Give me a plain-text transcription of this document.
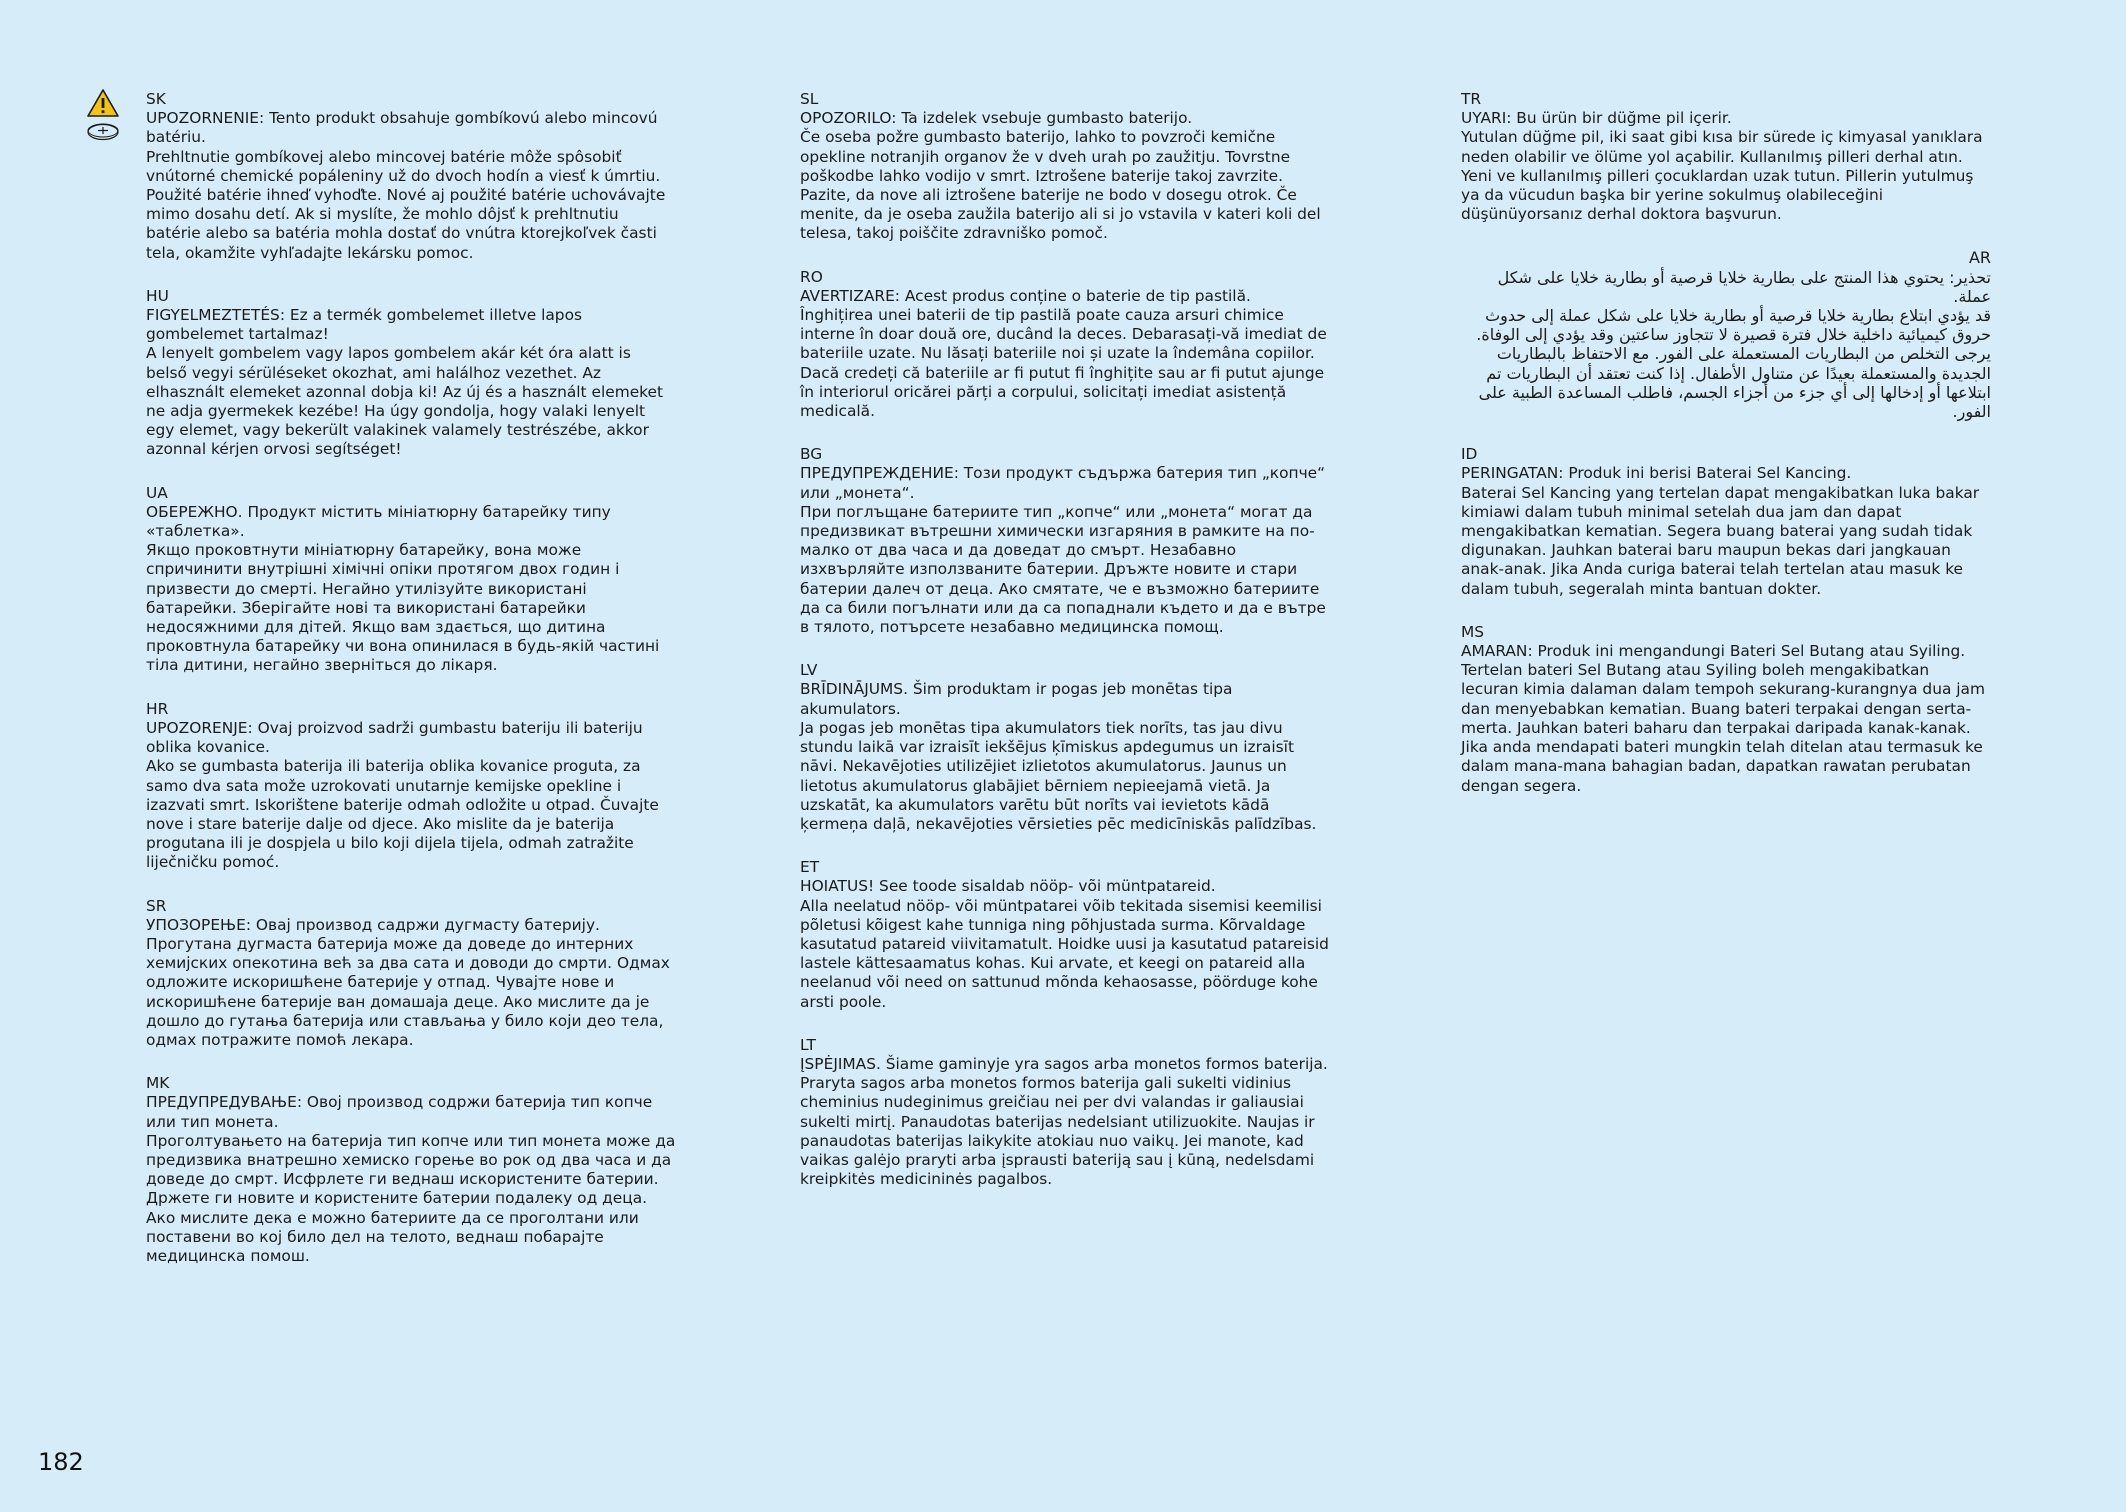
SK
UPOZORNENIE: Tento produkt obsahuje gombíkovú alebo mincovú batériu.
Prehltnutie gombíkovej alebo mincovej batérie môže spôsobiť vnútorné chemické popáleniny už do dvoch hodín a viesť k úmrtiu. Použité batérie ihneď vyhoďte. Nové aj použité batérie uchovávajte mimo dosahu detí. Ak si myslíte, že mohlo dôjsť k prehltnutiu batérie alebo sa batéria mohla dostať do vnútra ktorejkoľvek časti tela, okamžite vyhľadajte lekársku pomoc.
HU
FIGYELMEZTETÉS: Ez a termék gombelemet illetve lapos gombelemet tartalmaz!
A lenyelt gombelem vagy lapos gombelem akár két óra alatt is belső vegyi sérüléseket okozhat, ami halálhoz vezethet. Az elhasznált elemeket azonnal dobja ki! Az új és a használt elemeket ne adja gyermekek kezébe! Ha úgy gondolja, hogy valaki lenyelt egy elemet, vagy bekerült valakinek valamely testrészébe, akkor azonnal kérjen orvosi segítséget!
UA
ОБЕРЕЖНО. Продукт містить мініатюрну батарейку типу «таблетка».
Якщо проковтнути мініатюрну батарейку, вона може спричинити внутрішні хімічні опіки протягом двох годин і призвести до смерті. Негайно утилізуйте використані батарейки. Зберігайте нові та використані батарейки недосяжними для дітей. Якщо вам здається, що дитина проковтнула батарейку чи вона опинилася в будь-якій частині тіла дитини, негайно зверніться до лікаря.
HR
UPOZORENJE: Ovaj proizvod sadrži gumbastu bateriju ili bateriju oblika kovanice.
Ako se gumbasta baterija ili baterija oblika kovanice proguta, za samo dva sata može uzrokovati unutarnje kemijske opekline i izazvati smrt. Iskorištene baterije odmah odložite u otpad. Čuvajte nove i stare baterije dalje od djece. Ako mislite da je baterija progutana ili je dospjela u bilo koji dijela tijela, odmah zatražite liječničku pomoć.
SR
УПОЗОРЕЊЕ: Овај производ садржи дугмасту батерију.
Прогутана дугмаста батерија може да доведе до интерних хемијских опекотина већ за два сата и доводи до смрти. Одмах одложите искоришћене батерије у отпад. Чувајте нове и искоришћене батерије ван домашаја деце. Ако мислите да је дошло до гутања батерија или стављања у било који део тела, одмах потражите помоћ лекара.
MK
ПРЕДУПРЕДУВАЊЕ: Овој производ содржи батерија тип копче или тип монета.
Проголтувањето на батерија тип копче или тип монета може да предизвика внатрешно хемиско горење во рок од два часа и да доведе до смрт. Исфрлете ги веднаш искористените батерии. Држете ги новите и користените батерии подалеку од деца. Ако мислите дека е можно батериите да се проголтани или поставени во кој било дел на телото, веднаш побарајте медицинска помош.
SL
OPOZORILO: Ta izdelek vsebuje gumbasto baterijo.
Če oseba požre gumbasto baterijo, lahko to povzroči kemične opekline notranjih organov že v dveh urah po zaužitju. Tovrstne poškodbe lahko vodijo v smrt. Iztrošene baterije takoj zavrzite. Pazite, da nove ali iztrošene baterije ne bodo v dosegu otrok. Če menite, da je oseba zaužila baterijo ali si jo vstavila v kateri koli del telesa, takoj poiščite zdravniško pomoč.
RO
AVERTIZARE: Acest produs conține o baterie de tip pastilă.
Înghițirea unei baterii de tip pastilă poate cauza arsuri chimice interne în doar două ore, ducând la deces. Debarasați-vă imediat de bateriile uzate. Nu lăsați bateriile noi și uzate la îndemâna copiilor. Dacă credeți că bateriile ar fi putut fi înghițite sau ar fi putut ajunge în interiorul oricărei părți a corpului, solicitați imediat asistență medicală.
BG
ПРЕДУПРЕЖДЕНИЕ: Този продукт съдържа батерия тип „копче“ или „монета“.
При поглъщане батериите тип „копче“ или „монета“ могат да предизвикат вътрешни химически изгаряния в рамките на по-малко от два часа и да доведат до смърт. Незабавно изхвърляйте използваните батерии. Дръжте новите и стари батерии далеч от деца. Ако смятате, че е възможно батериите да са били погълнати или да са попаднали където и да е вътре в тялото, потърсете незабавно медицинска помощ.
LV
BRĪDINĀJUMS. Šim produktam ir pogas jeb monētas tipa akumulators.
Ja pogas jeb monētas tipa akumulators tiek norīts, tas jau divu stundu laikā var izraisīt iekšējus ķīmiskus apdegumus un izraisīt nāvi. Nekavējoties utilizējiet izlietotos akumulatorus. Jaunus un lietotus akumulatorus glabājiet bērniem nepieejamā vietā. Ja uzskatāt, ka akumulators varētu būt norīts vai ievietots kādā ķermeņa daļā, nekavējoties vērsieties pēc medicīniskās palīdzības.
ET
HOIATUS! See toode sisaldab nööp- või müntpatareid.
Alla neelatud nööp- või müntpatarei võib tekitada sisemisi keemilisi põletusi kõigest kahe tunniga ning põhjustada surma. Kõrvaldage kasutatud patareid viivitamatult. Hoidke uusi ja kasutatud patareisid lastele kättesaamatus kohas. Kui arvate, et keegi on patareid alla neelanud või need on sattunud mõnda kehaosasse, pöörduge kohe arsti poole.
LT
ĮSPĖJIMAS. Šiame gaminyje yra sagos arba monetos formos baterija.
Praryta sagos arba monetos formos baterija gali sukelti vidinius cheminius nudeginimus greičiau nei per dvi valandas ir galiausiai sukelti mirtį. Panaudotas baterijas nedelsiant utilizuokite. Naujas ir panaudotas baterijas laikykite atokiau nuo vaikų. Jei manote, kad vaikas galėjo praryti arba įsprausti bateriją sau į kūną, nedelsdami kreipkitės medicininės pagalbos.
TR
UYARI: Bu ürün bir düğme pil içerir.
Yutulan düğme pil, iki saat gibi kısa bir sürede iç kimyasal yanıklara neden olabilir ve ölüme yol açabilir. Kullanılmış pilleri derhal atın. Yeni ve kullanılmış pilleri çocuklardan uzak tutun. Pillerin yutulmuş ya da vücudun başka bir yerine sokulmuş olabileceğini düşünüyorsanız derhal doktora başvurun.
AR
تحذير: يحتوي هذا المنتج على بطارية خلايا قرصية أو بطارية خلايا على شكل عملة.
قد يؤدي ابتلاع بطارية خلايا قرصية أو بطارية خلايا على شكل عملة إلى حدوث حروق كيميائية داخلية خلال فترة قصيرة لا تتجاوز ساعتين وقد يؤدي إلى الوفاة. يرجى التخلص من البطاريات المستعملة على الفور. مع الاحتفاظ بالبطاريات الجديدة والمستعملة بعيدًا عن متناول الأطفال. إذا كنت تعتقد أن البطاريات تم ابتلاعها أو إدخالها إلى أي جزء من أجزاء الجسم، فاطلب المساعدة الطبية على الفور.
ID
PERINGATAN: Produk ini berisi Baterai Sel Kancing.
Baterai Sel Kancing yang tertelan dapat mengakibatkan luka bakar kimiawi dalam tubuh minimal setelah dua jam dan dapat mengakibatkan kematian. Segera buang baterai yang sudah tidak digunakan. Jauhkan baterai baru maupun bekas dari jangkauan anak-anak. Jika Anda curiga baterai telah tertelan atau masuk ke dalam tubuh, segeralah minta bantuan dokter.
MS
AMARAN: Produk ini mengandungi Bateri Sel Butang atau Syiling.
Tertelan bateri Sel Butang atau Syiling boleh mengakibatkan lecuran kimia dalaman dalam tempoh sekurang-kurangnya dua jam dan menyebabkan kematian. Buang bateri terpakai dengan serta-merta. Jauhkan bateri baharu dan terpakai daripada kanak-kanak. Jika anda mendapati bateri mungkin telah ditelan atau termasuk ke dalam mana-mana bahagian badan, dapatkan rawatan perubatan dengan segera.
182
